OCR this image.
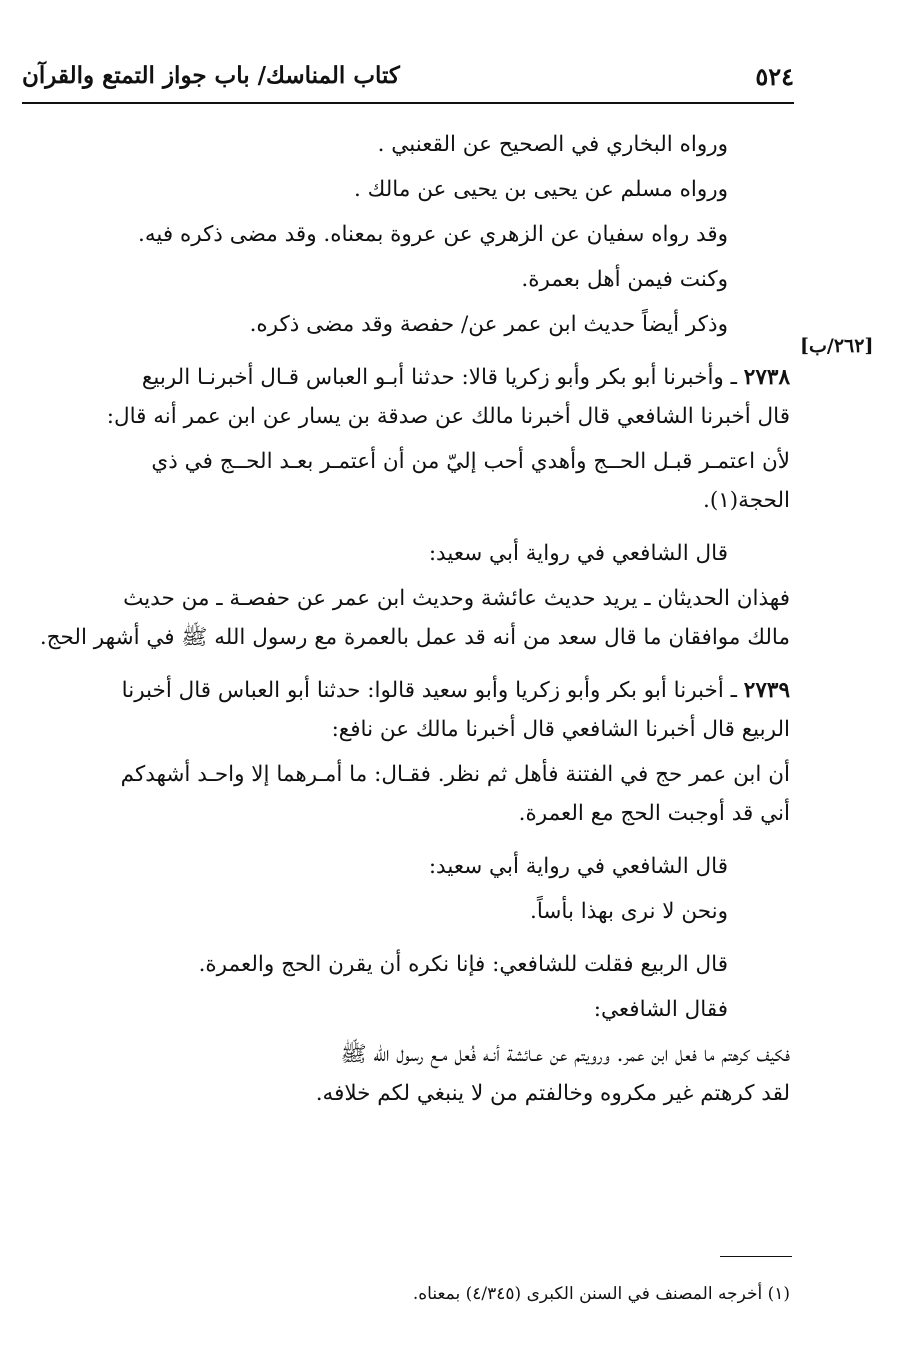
٥٢٤
كتاب المناسك/ باب جواز التمتع والقرآن
[٢٦٢/ب]

ورواه البخاري في الصحيح عن القعنبي .

ورواه مسلم عن يحيى بن يحيى عن مالك .

وقد رواه سفيان عن الزهري عن عروة بمعناه. وقد مضى ذكره فيه.

وكنت فيمن أهل بعمرة.

وذكر أيضاً حديث ابن عمر عن/ حفصة وقد مضى ذكره.

٢٧٣٨ ـ وأخبرنا أبو بكر وأبو زكريا قالا: حدثنا أبـو العباس قـال أخبرنـا الربيع
قال أخبرنا الشافعي قال أخبرنا مالك عن صدقة بن يسار عن ابن عمر أنه قال:

لأن اعتمـر قبـل الحــج وأهدي أحب إليّ من أن أعتمـر بعـد الحــج في ذي
الحجة(١).

قال الشافعي في رواية أبي سعيد:

فهذان الحديثان ـ يريد حديث عائشة وحديث ابن عمر عن حفصـة ـ من حديث
مالك موافقان ما قال سعد من أنه قد عمل بالعمرة مع رسول الله ﷺ في أشهر الحج.

٢٧٣٩ ـ أخبرنا أبو بكر وأبو زكريا وأبو سعيد قالوا: حدثنا أبو العباس قال أخبرنا
الربيع قال أخبرنا الشافعي قال أخبرنا مالك عن نافع:

أن ابن عمر حج في الفتنة فأهل ثم نظر. فقـال: ما أمـرهما إلا واحـد أشهدكم
أني قد أوجبت الحج مع العمرة.

قال الشافعي في رواية أبي سعيد:

ونحن لا نرى بهذا بأساً.

قال الربيع فقلت للشافعي: فإنا نكره أن يقرن الحج والعمرة.

فقال الشافعي:

فكيف كرهتم ما فعل ابن عمر. ورويتم عن عـائشة أنـه فُعل مـع رسول الله ﷺ
لقد كرهتم غير مكروه وخالفتم من لا ينبغي لكم خلافه.

(١) أخرجه المصنف في السنن الكبرى (٤/٣٤٥) بمعناه.
